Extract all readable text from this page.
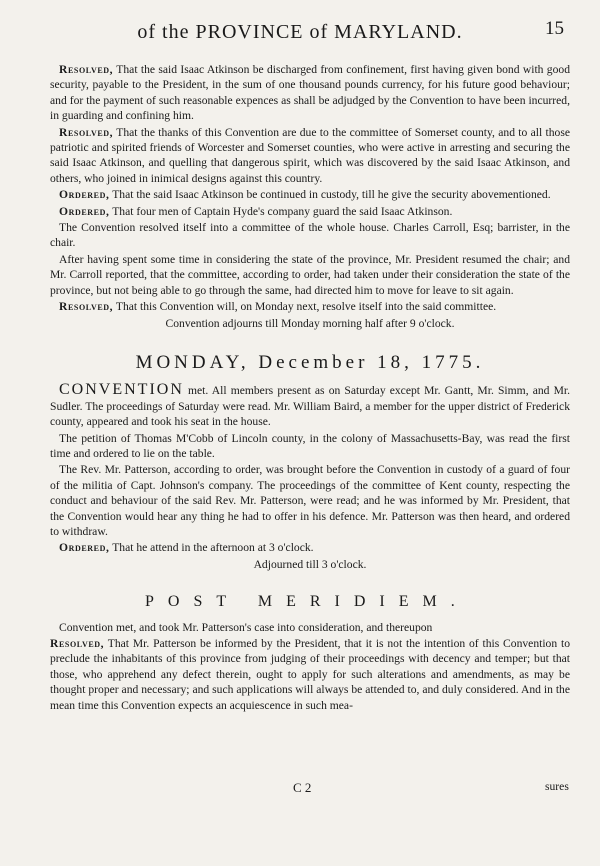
of the PROVINCE of MARYLAND.	15

Resolved, That the said Isaac Atkinson be discharged from confinement, first having given bond with good security, payable to the President, in the sum of one thousand pounds currency, for his future good behaviour; and for the payment of such reasonable expences as shall be adjudged by the Convention to have been incurred, in guarding and confining him.

Resolved, That the thanks of this Convention are due to the committee of Somerset county, and to all those patriotic and spirited friends of Worcester and Somerset counties, who were active in arresting and securing the said Isaac Atkinson, and quelling that dangerous spirit, which was discovered by the said Isaac Atkinson, and others, who joined in inimical designs against this country.

Ordered, That the said Isaac Atkinson be continued in custody, till he give the security abovementioned.

Ordered, That four men of Captain Hyde's company guard the said Isaac Atkinson.

The Convention resolved itself into a committee of the whole house. Charles Carroll, Esq; barrister, in the chair.

After having spent some time in considering the state of the province, Mr. President resumed the chair; and Mr. Carroll reported, that the committee, according to order, had taken under their consideration the state of the province, but not being able to go through the same, had directed him to move for leave to sit again.

Resolved, That this Convention will, on Monday next, resolve itself into the said committee.

Convention adjourns till Monday morning half after 9 o'clock.

MONDAY, December 18, 1775.

CONVENTION met. All members present as on Saturday except Mr. Gantt, Mr. Simm, and Mr. Sudler. The proceedings of Saturday were read. Mr. William Baird, a member for the upper district of Frederick county, appeared and took his seat in the house.

The petition of Thomas M'Cobb of Lincoln county, in the colony of Massachusetts-Bay, was read the first time and ordered to lie on the table.

The Rev. Mr. Patterson, according to order, was brought before the Convention in custody of a guard of four of the militia of Capt. Johnson's company. The proceedings of the committee of Kent county, respecting the conduct and behaviour of the said Rev. Mr. Patterson, were read; and he was informed by Mr. President, that the Convention would hear any thing he had to offer in his defence. Mr. Patterson was then heard, and ordered to withdraw.

Ordered, That he attend in the afternoon at 3 o'clock.

Adjourned till 3 o'clock.

POST MERIDIEM.

Convention met, and took Mr. Patterson's case into consideration, and thereupon

Resolved, That Mr. Patterson be informed by the President, that it is not the intention of this Convention to preclude the inhabitants of this province from judging of their proceedings with decency and temper; but that those, who apprehend any defect therein, ought to apply for such alterations and amendments, as may be thought proper and necessary; and such applications will always be attended to, and duly considered. And in the mean time this Convention expects an acquiescence in such mea-

C 2	sures
